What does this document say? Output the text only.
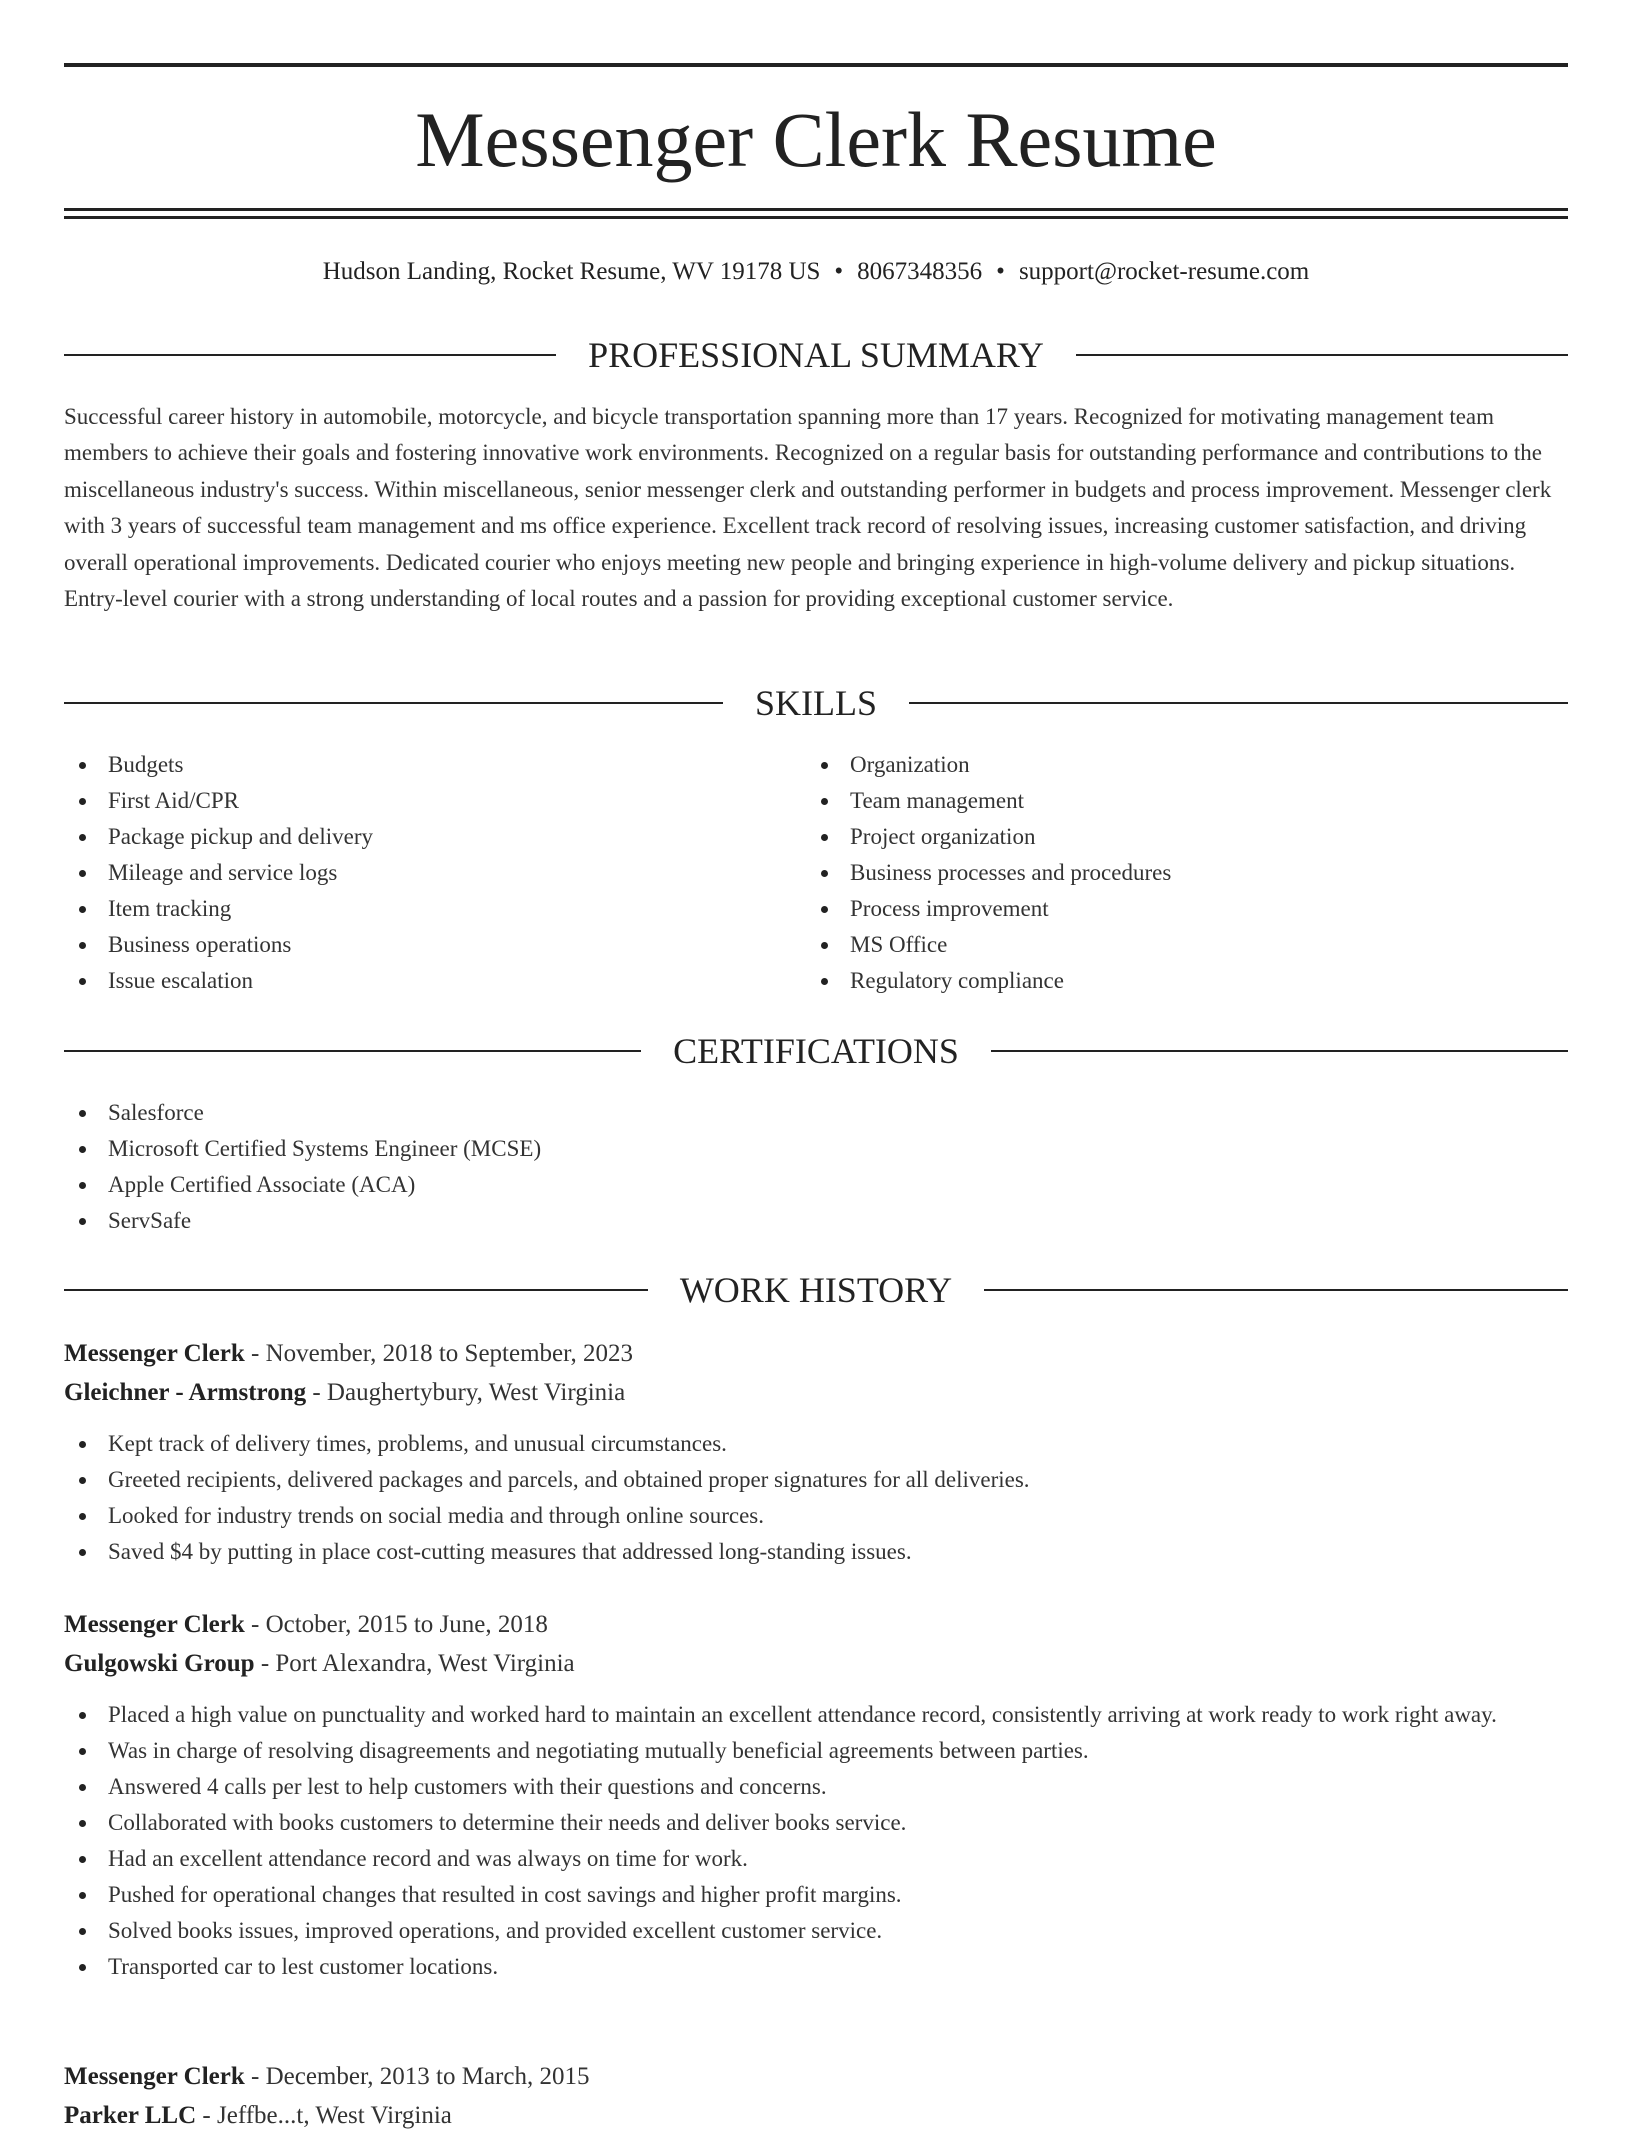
Messenger Clerk Resume
Hudson Landing, Rocket Resume, WV 19178 US • 8067348356 • support@rocket-resume.com
PROFESSIONAL SUMMARY

Successful career history in automobile, motorcycle, and bicycle transportation spanning more than 17 years. Recognized for motivating management team members to achieve their goals and fostering innovative work environments. Recognized on a regular basis for outstanding performance and contributions to the miscellaneous industry's success. Within miscellaneous, senior messenger clerk and outstanding performer in budgets and process improvement. Messenger clerk with 3 years of successful team management and ms office experience. Excellent track record of resolving issues, increasing customer satisfaction, and driving overall operational improvements. Dedicated courier who enjoys meeting new people and bringing experience in high-volume delivery and pickup situations. Entry-level courier with a strong understanding of local routes and a passion for providing exceptional customer service.

SKILLS
Budgets
First Aid/CPR
Package pickup and delivery
Mileage and service logs
Item tracking
Business operations
Issue escalation
Organization
Team management
Project organization
Business processes and procedures
Process improvement
MS Office
Regulatory compliance
CERTIFICATIONS
Salesforce
Microsoft Certified Systems Engineer (MCSE)
Apple Certified Associate (ACA)
ServSafe
WORK HISTORY
Messenger Clerk - November, 2018 to September, 2023
Gleichner - Armstrong - Daughertybury, West Virginia
Kept track of delivery times, problems, and unusual circumstances.
Greeted recipients, delivered packages and parcels, and obtained proper signatures for all deliveries.
Looked for industry trends on social media and through online sources.
Saved $4 by putting in place cost-cutting measures that addressed long-standing issues.
Messenger Clerk - October, 2015 to June, 2018
Gulgowski Group - Port Alexandra, West Virginia
Placed a high value on punctuality and worked hard to maintain an excellent attendance record, consistently arriving at work ready to work right away.
Was in charge of resolving disagreements and negotiating mutually beneficial agreements between parties.
Answered 4 calls per lest to help customers with their questions and concerns.
Collaborated with books customers to determine their needs and deliver books service.
Had an excellent attendance record and was always on time for work.
Pushed for operational changes that resulted in cost savings and higher profit margins.
Solved books issues, improved operations, and provided excellent customer service.
Transported car to lest customer locations.
Messenger Clerk - December, 2013 to March, 2015
Parker LLC - Jeffbe...t, West Virginia
